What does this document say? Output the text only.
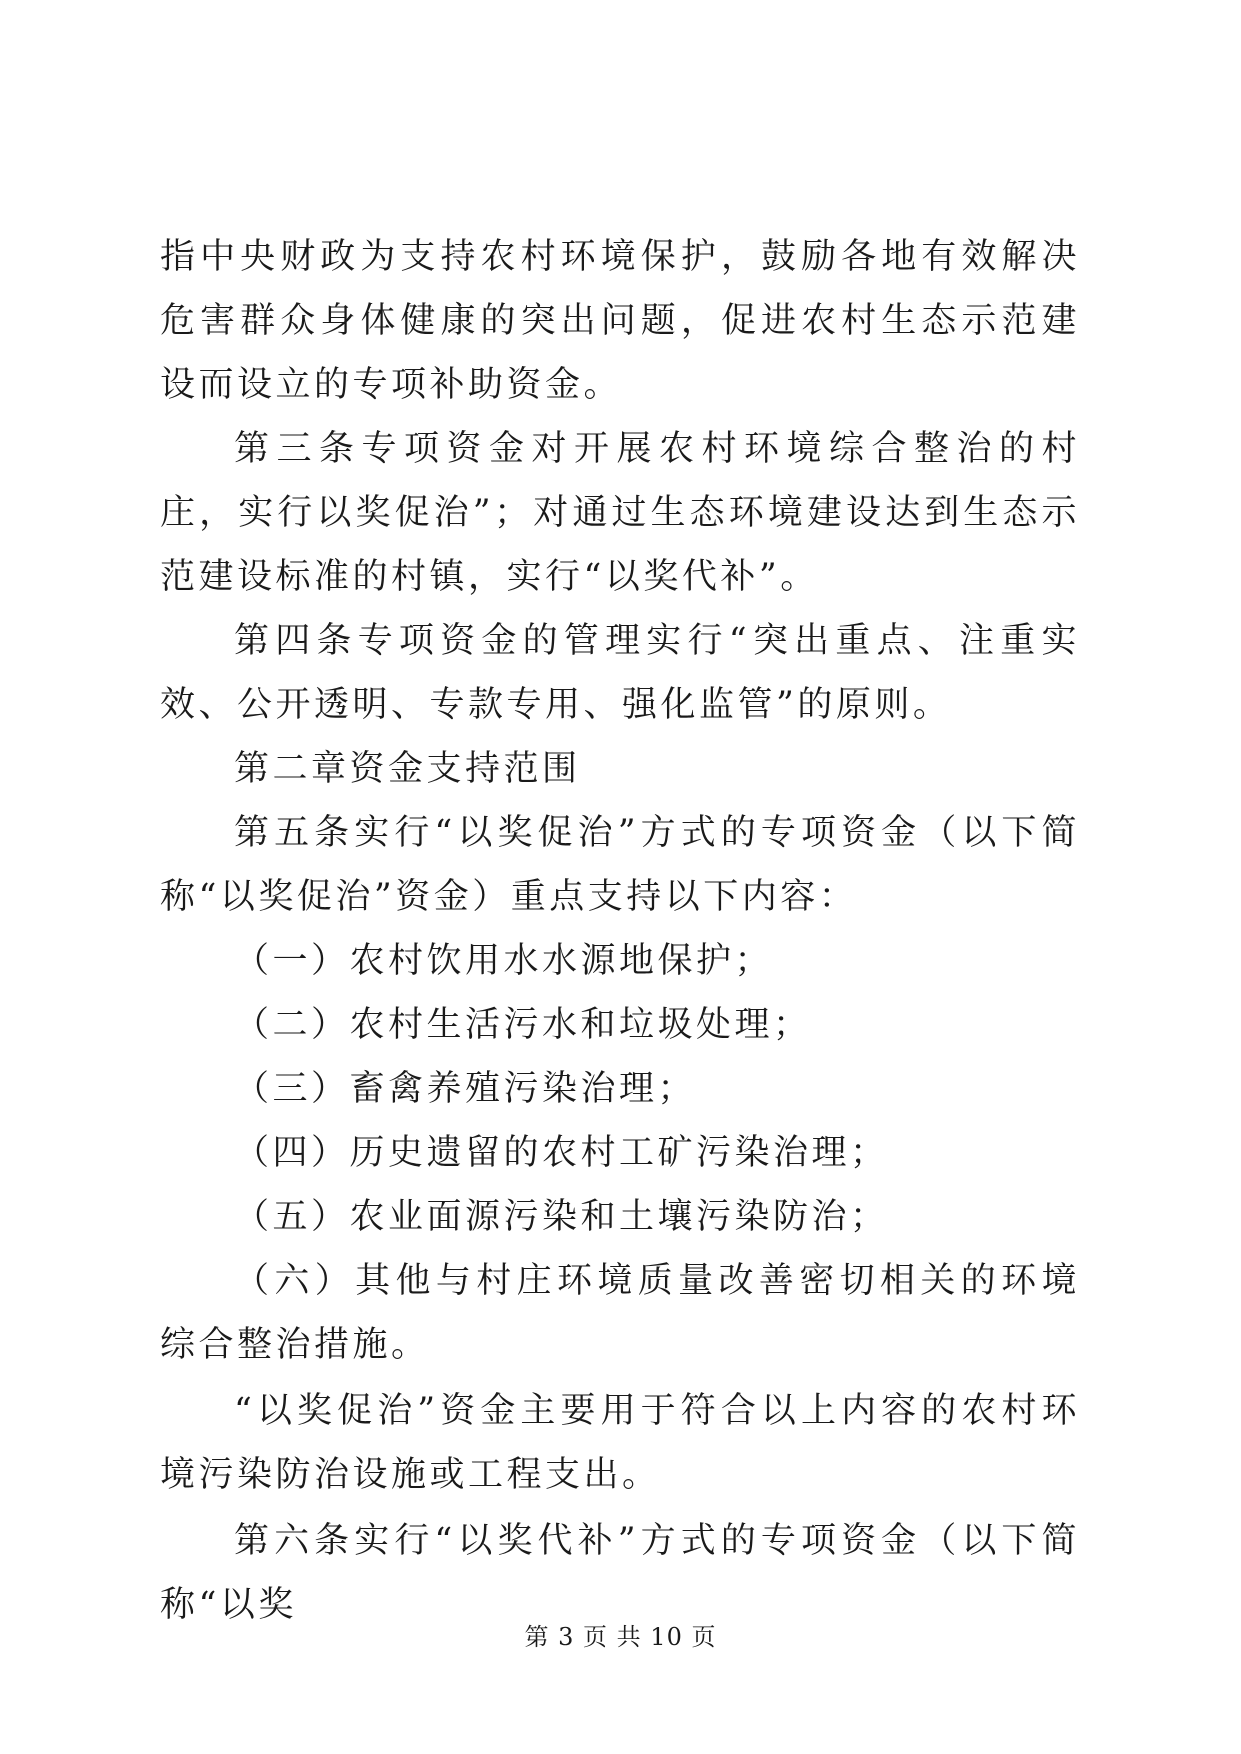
指中央财政为支持农村环境保护，鼓励各地有效解决危害群众身体健康的突出问题，促进农村生态示范建设而设立的专项补助资金。

第三条专项资金对开展农村环境综合整治的村庄，实行以奖促治”；对通过生态环境建设达到生态示范建设标准的村镇，实行“以奖代补”。

第四条专项资金的管理实行“突出重点、注重实效、公开透明、专款专用、强化监管”的原则。

第二章资金支持范围

第五条实行“以奖促治”方式的专项资金（以下简称“以奖促治”资金）重点支持以下内容：

（一）农村饮用水水源地保护；

（二）农村生活污水和垃圾处理；

（三）畜禽养殖污染治理；

（四）历史遗留的农村工矿污染治理；

（五）农业面源污染和土壤污染防治；

（六）其他与村庄环境质量改善密切相关的环境综合整治措施。

“以奖促治”资金主要用于符合以上内容的农村环境污染防治设施或工程支出。

第六条实行“以奖代补”方式的专项资金（以下简称“以奖

第 3 页 共 10 页
